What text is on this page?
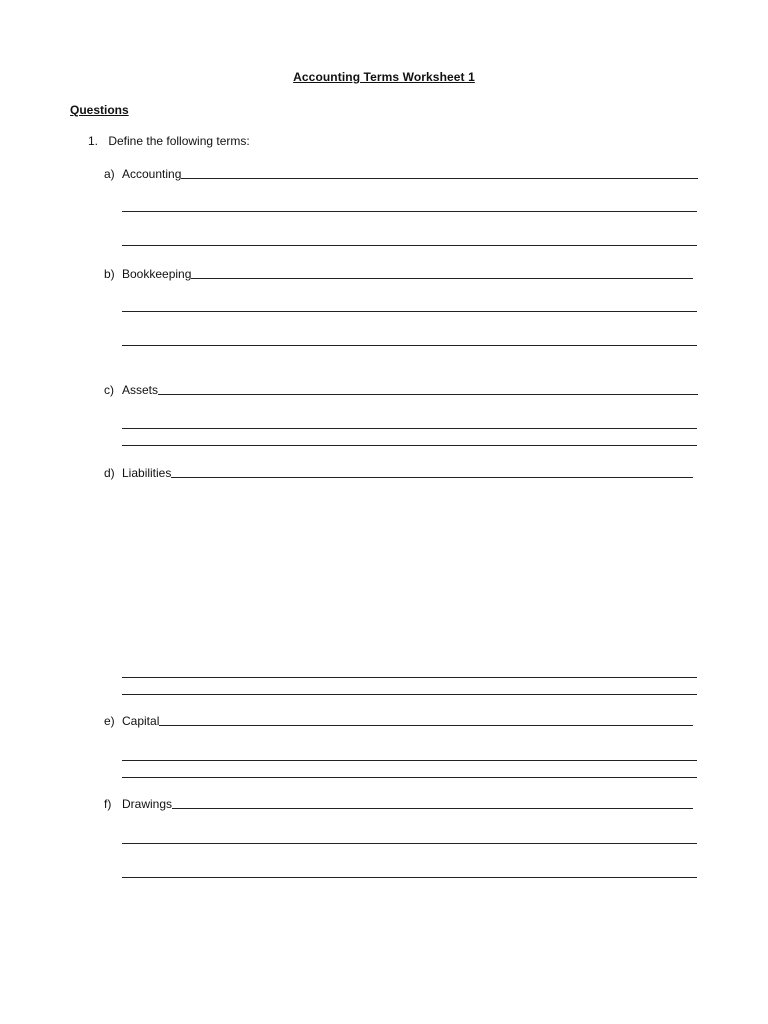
Accounting Terms Worksheet 1
Questions
1. Define the following terms:
a) Accounting
b) Bookkeeping
c) Assets
d) Liabilities
e) Capital
f) Drawings
